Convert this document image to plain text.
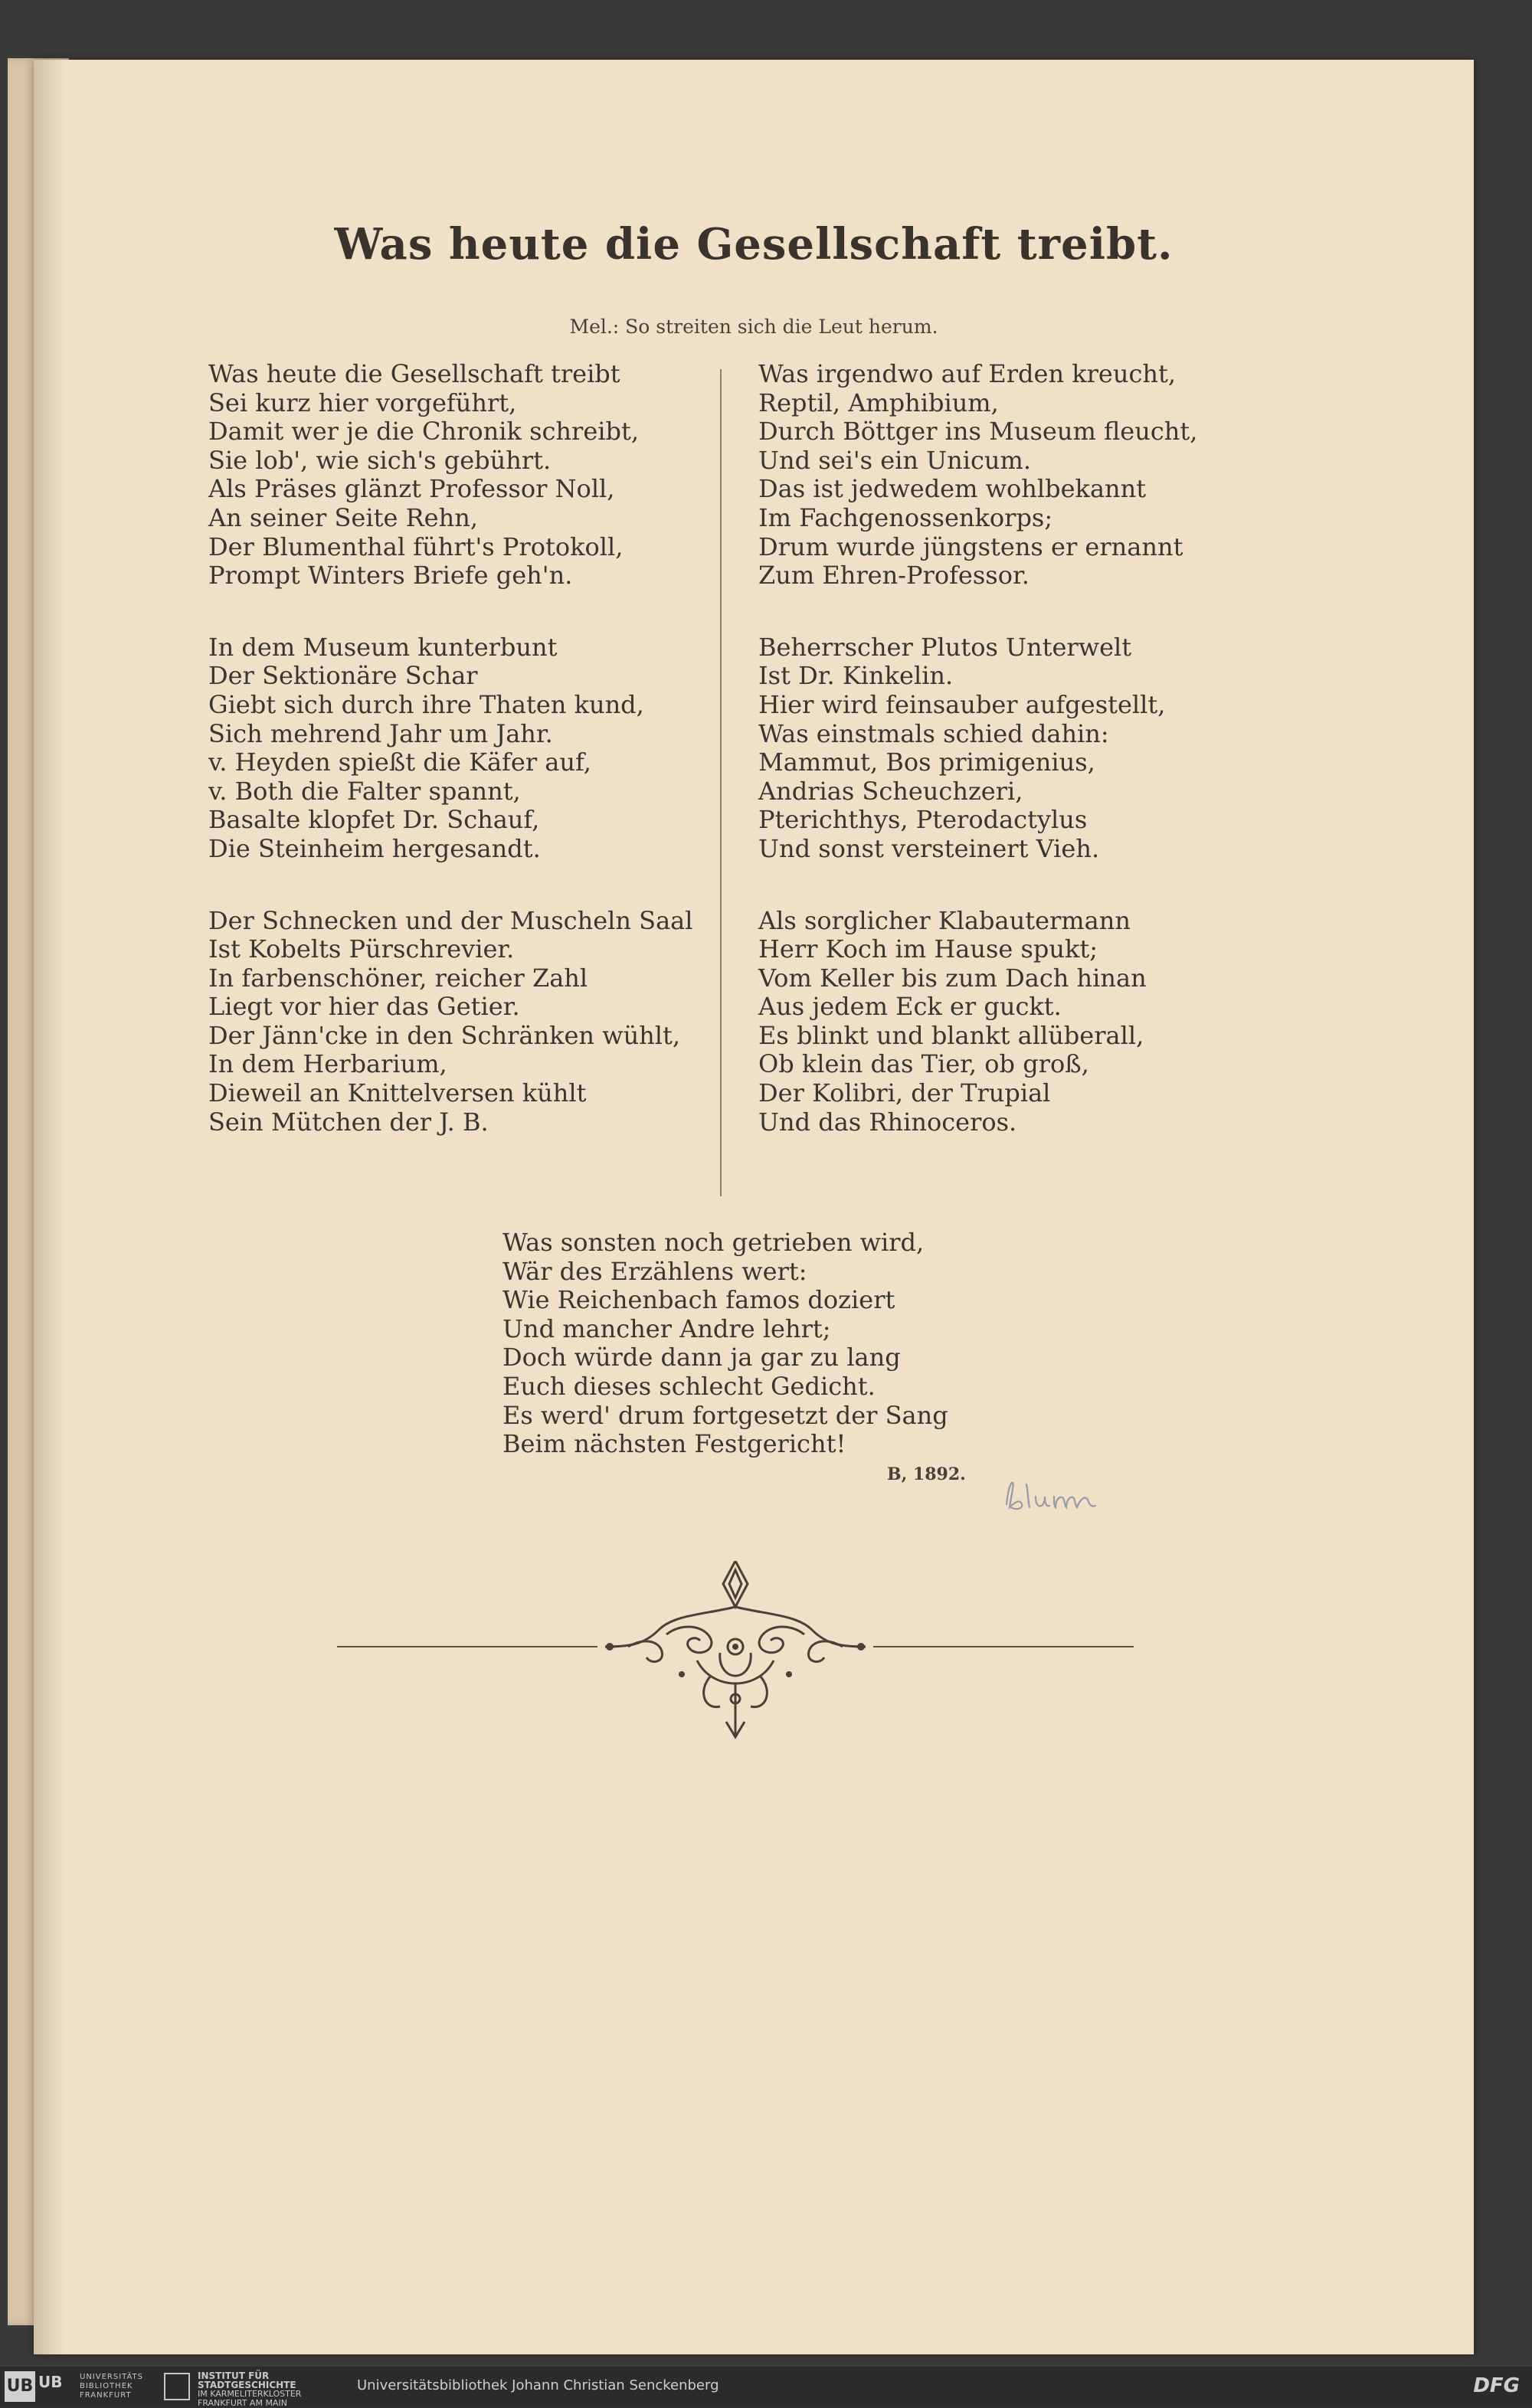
Was heute die Gesellschaft treibt.
Mel.: So streiten sich die Leut herum.
Was heute die Gesellschaft treibt
Sei kurz hier vorgeführt,
Damit wer je die Chronik schreibt,
Sie lob', wie sich's gebührt.
Als Präses glänzt Professor Noll,
An seiner Seite Rehn,
Der Blumenthal führt's Protokoll,
Prompt Winters Briefe geh'n.
In dem Museum kunterbunt
Der Sektionäre Schar
Giebt sich durch ihre Thaten kund,
Sich mehrend Jahr um Jahr.
v. Heyden spießt die Käfer auf,
v. Both die Falter spannt,
Basalte klopfet Dr. Schauf,
Die Steinheim hergesandt.
Der Schnecken und der Muscheln Saal
Ist Kobelts Pürschrevier.
In farbenschöner, reicher Zahl
Liegt vor hier das Getier.
Der Jänn'cke in den Schränken wühlt,
In dem Herbarium,
Dieweil an Knittelversen kühlt
Sein Mütchen der J. B.
Was irgendwo auf Erden kreucht,
Reptil, Amphibium,
Durch Böttger ins Museum fleucht,
Und sei's ein Unicum.
Das ist jedwedem wohlbekannt
Im Fachgenossenkorps;
Drum wurde jüngstens er ernannt
Zum Ehren-Professor.
Beherrscher Plutos Unterwelt
Ist Dr. Kinkelin.
Hier wird feinsauber aufgestellt,
Was einstmals schied dahin:
Mammut, Bos primigenius,
Andrias Scheuchzeri,
Pterichthys, Pterodactylus
Und sonst versteinert Vieh.
Als sorglicher Klabautermann
Herr Koch im Hause spukt;
Vom Keller bis zum Dach hinan
Aus jedem Eck er guckt.
Es blinkt und blankt allüberall,
Ob klein das Tier, ob groß,
Der Kolibri, der Trupial
Und das Rhinoceros.
Was sonsten noch getrieben wird,
Wär des Erzählens wert:
Wie Reichenbach famos doziert
Und mancher Andre lehrt;
Doch würde dann ja gar zu lang
Euch dieses schlecht Gedicht.
Es werd' drum fortgesetzt der Sang
Beim nächsten Festgericht!
B, 1892.
UB UB UNIVERSITÄTS
BIBLIOTHEK
FRANKFURT
INSTITUT FÜR
STADTGESCHICHTE
IM KARMELITERKLOSTER
FRANKFURT AM MAIN
Universitätsbibliothek Johann Christian Senckenberg	DFG
